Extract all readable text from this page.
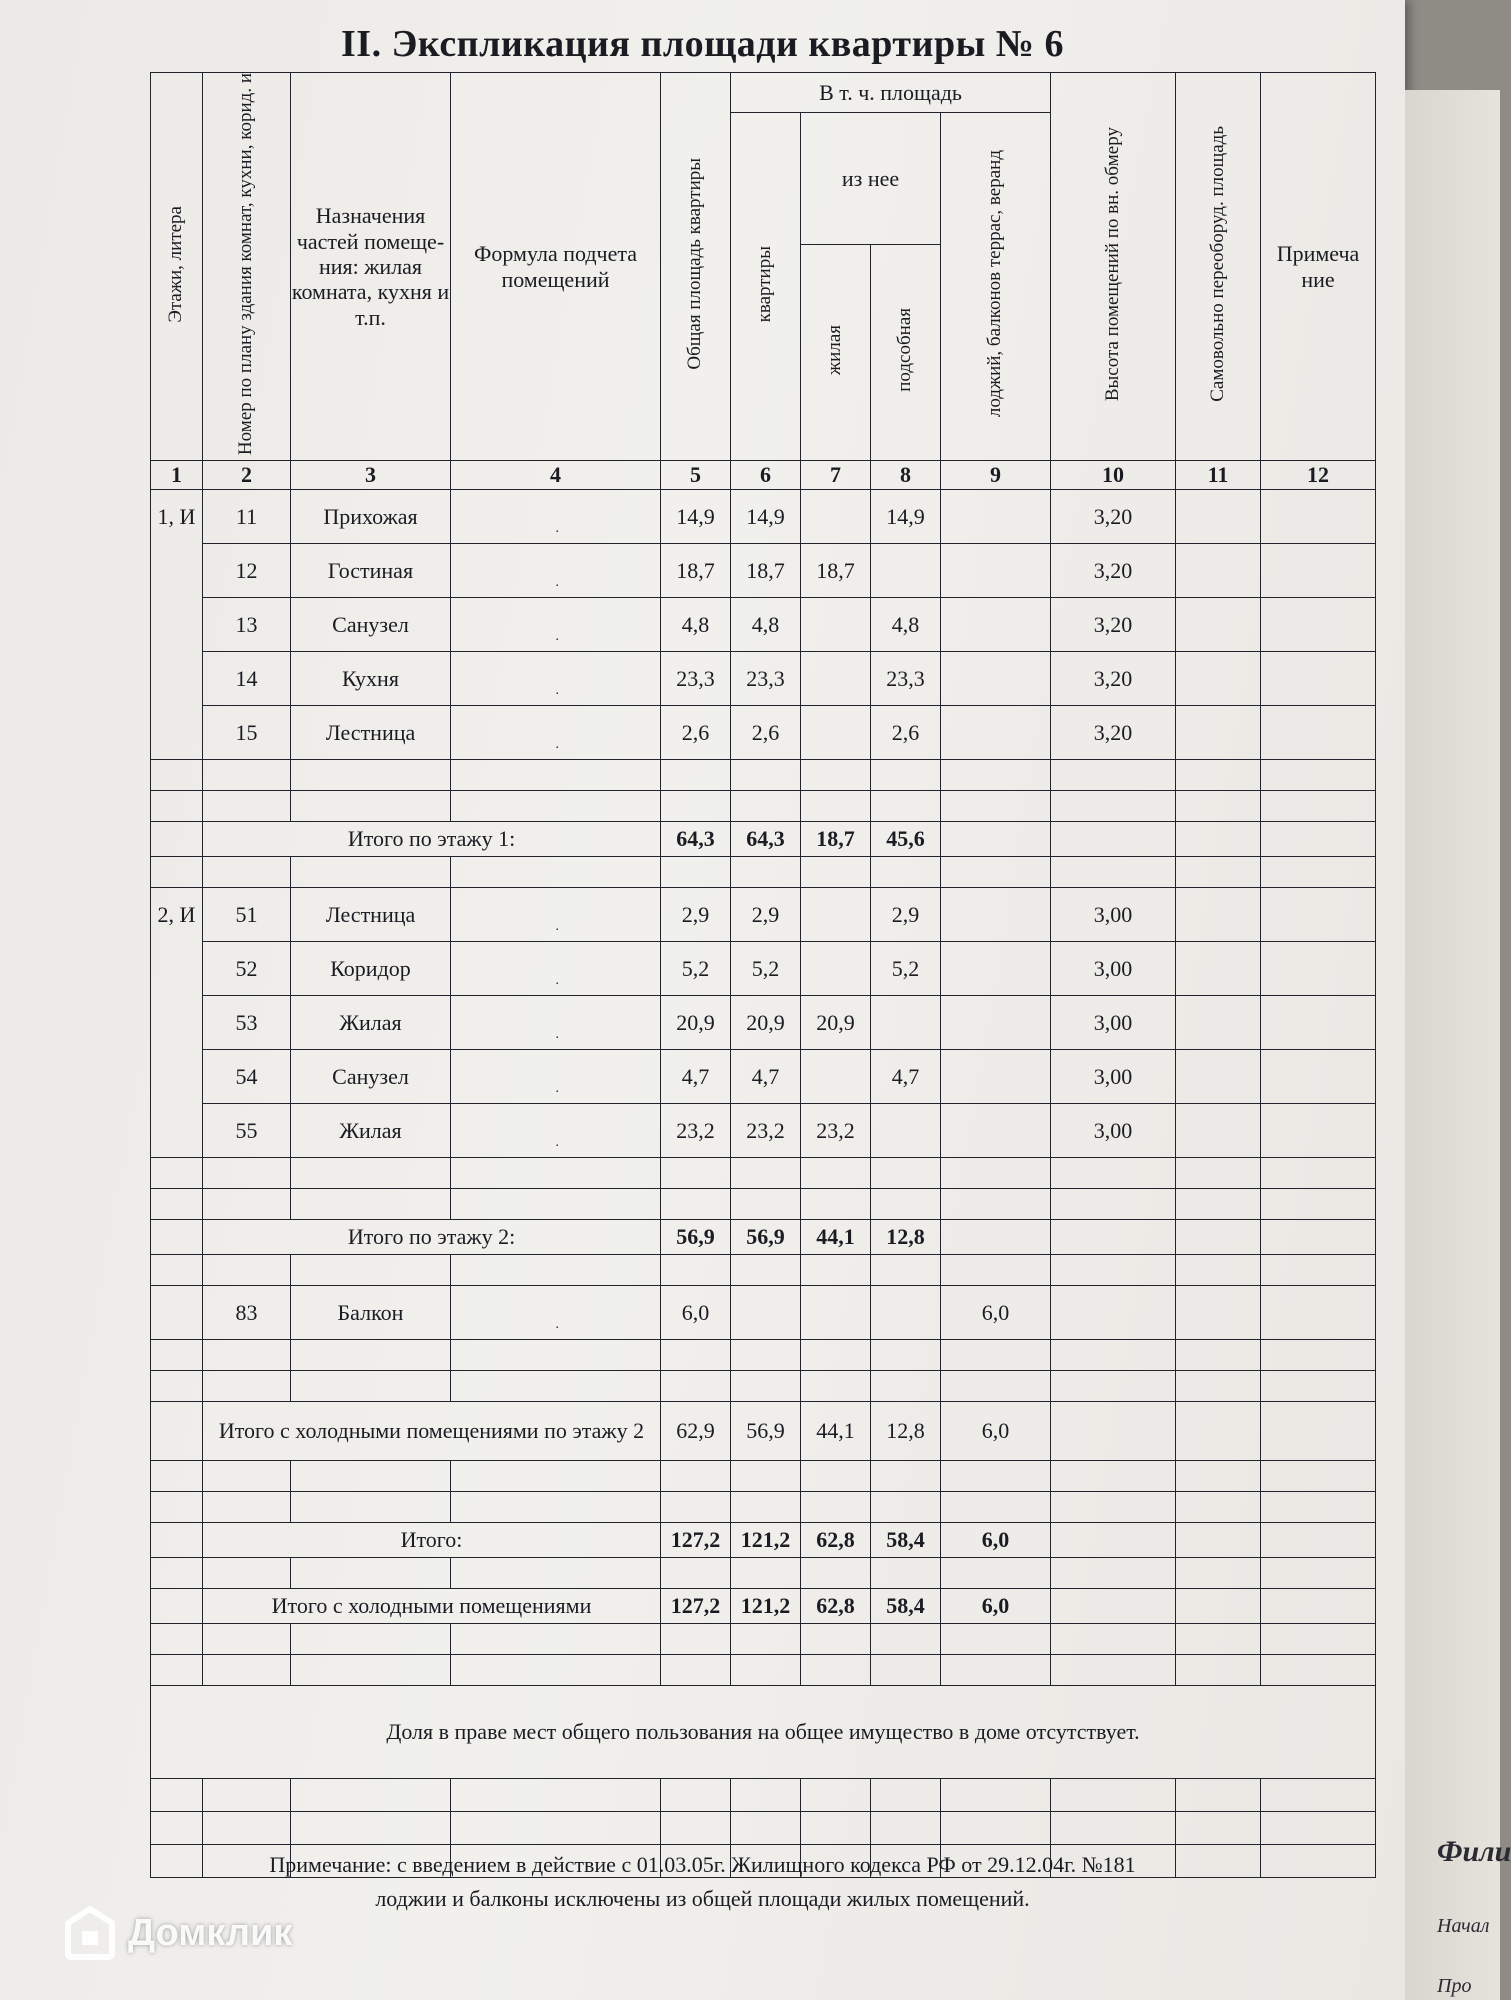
II. Экспликация площади квартиры № 6
Этажи, литера	Номер по плану здания комнат, кухни, корид. и	Назначения частей помеще-ния: жилая комната, кухня и т.п.	Формула подчета помещений	Общая площадь квартиры	В т. ч. площадь				Высота помещений по вн. обмеру	Самовольно переоборуд. площадь	Примеча ние
					квартиры	из нее		лоджий, балконов террас, веранд			
						жилая	подсобная				
1	2	3	4	5	6	7	8	9	10	11	12
1, И	11	Прихожая	.	14,9	14,9		14,9		3,20		
	12	Гостиная	.	18,7	18,7	18,7			3,20		
	13	Санузел	.	4,8	4,8		4,8		3,20		
	14	Кухня	.	23,3	23,3		23,3		3,20		
	15	Лестница	.	2,6	2,6		2,6		3,20		

	Итого по этажу 1:			64,3	64,3	18,7	45,6				

2, И	51	Лестница	.	2,9	2,9		2,9		3,00		
	52	Коридор	.	5,2	5,2		5,2		3,00		
	53	Жилая	.	20,9	20,9	20,9			3,00		
	54	Санузел	.	4,7	4,7		4,7		3,00		
	55	Жилая	.	23,2	23,2	23,2			3,00		

	Итого по этажу 2:			56,9	56,9	44,1	12,8				

	83	Балкон	.	6,0				6,0			

	Итого с холодными помещениями по этажу 2			62,9	56,9	44,1	12,8	6,0			

	Итого:			127,2	121,2	62,8	58,4	6,0			

	Итого с холодными помещениями			127,2	121,2	62,8	58,4	6,0			

Доля в праве мест общего пользования на общее имущество в доме отсутствует.											

Примечание: с введением в действие с 01.03.05г. Жилищного кодекса РФ от 29.12.04г. №181
лоджии и балконы исключены из общей площади жилых помещений.
Фили
Начал
Про
Домклик
